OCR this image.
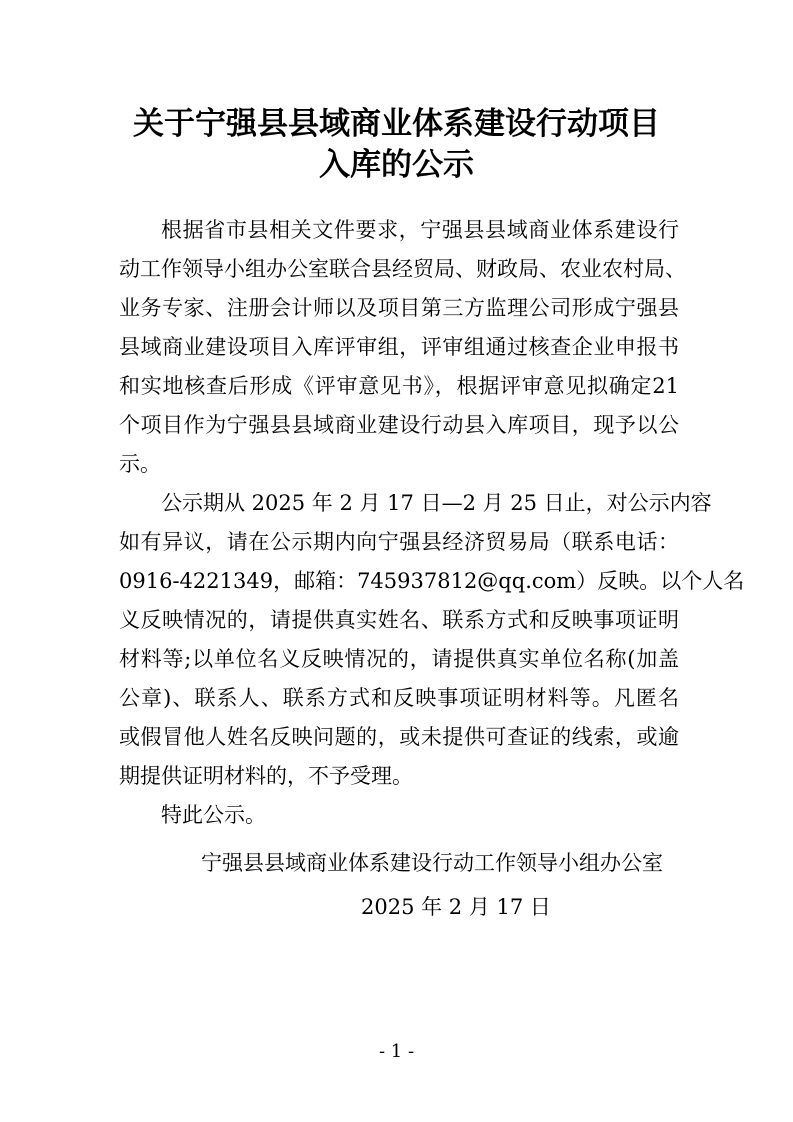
关于宁强县县域商业体系建设行动项目
入库的公示
根据省市县相关文件要求，宁强县县域商业体系建设行
动工作领导小组办公室联合县经贸局、财政局、农业农村局、
业务专家、注册会计师以及项目第三方监理公司形成宁强县
县域商业建设项目入库评审组，评审组通过核查企业申报书
和实地核查后形成《评审意见书》，根据评审意见拟确定21
个项目作为宁强县县域商业建设行动县入库项目，现予以公
示。
公示期从 2025 年 2 月 17 日—2 月 25 日止，对公示内容
如有异议，请在公示期内向宁强县经济贸易局（联系电话：
0916-4221349，邮箱：745937812@qq.com）反映。以个人名
义反映情况的，请提供真实姓名、联系方式和反映事项证明
材料等;以单位名义反映情况的，请提供真实单位名称(加盖
公章)、联系人、联系方式和反映事项证明材料等。凡匿名
或假冒他人姓名反映问题的，或未提供可查证的线索，或逾
期提供证明材料的，不予受理。
特此公示。
宁强县县域商业体系建设行动工作领导小组办公室
2025 年 2 月 17 日
- 1 -
